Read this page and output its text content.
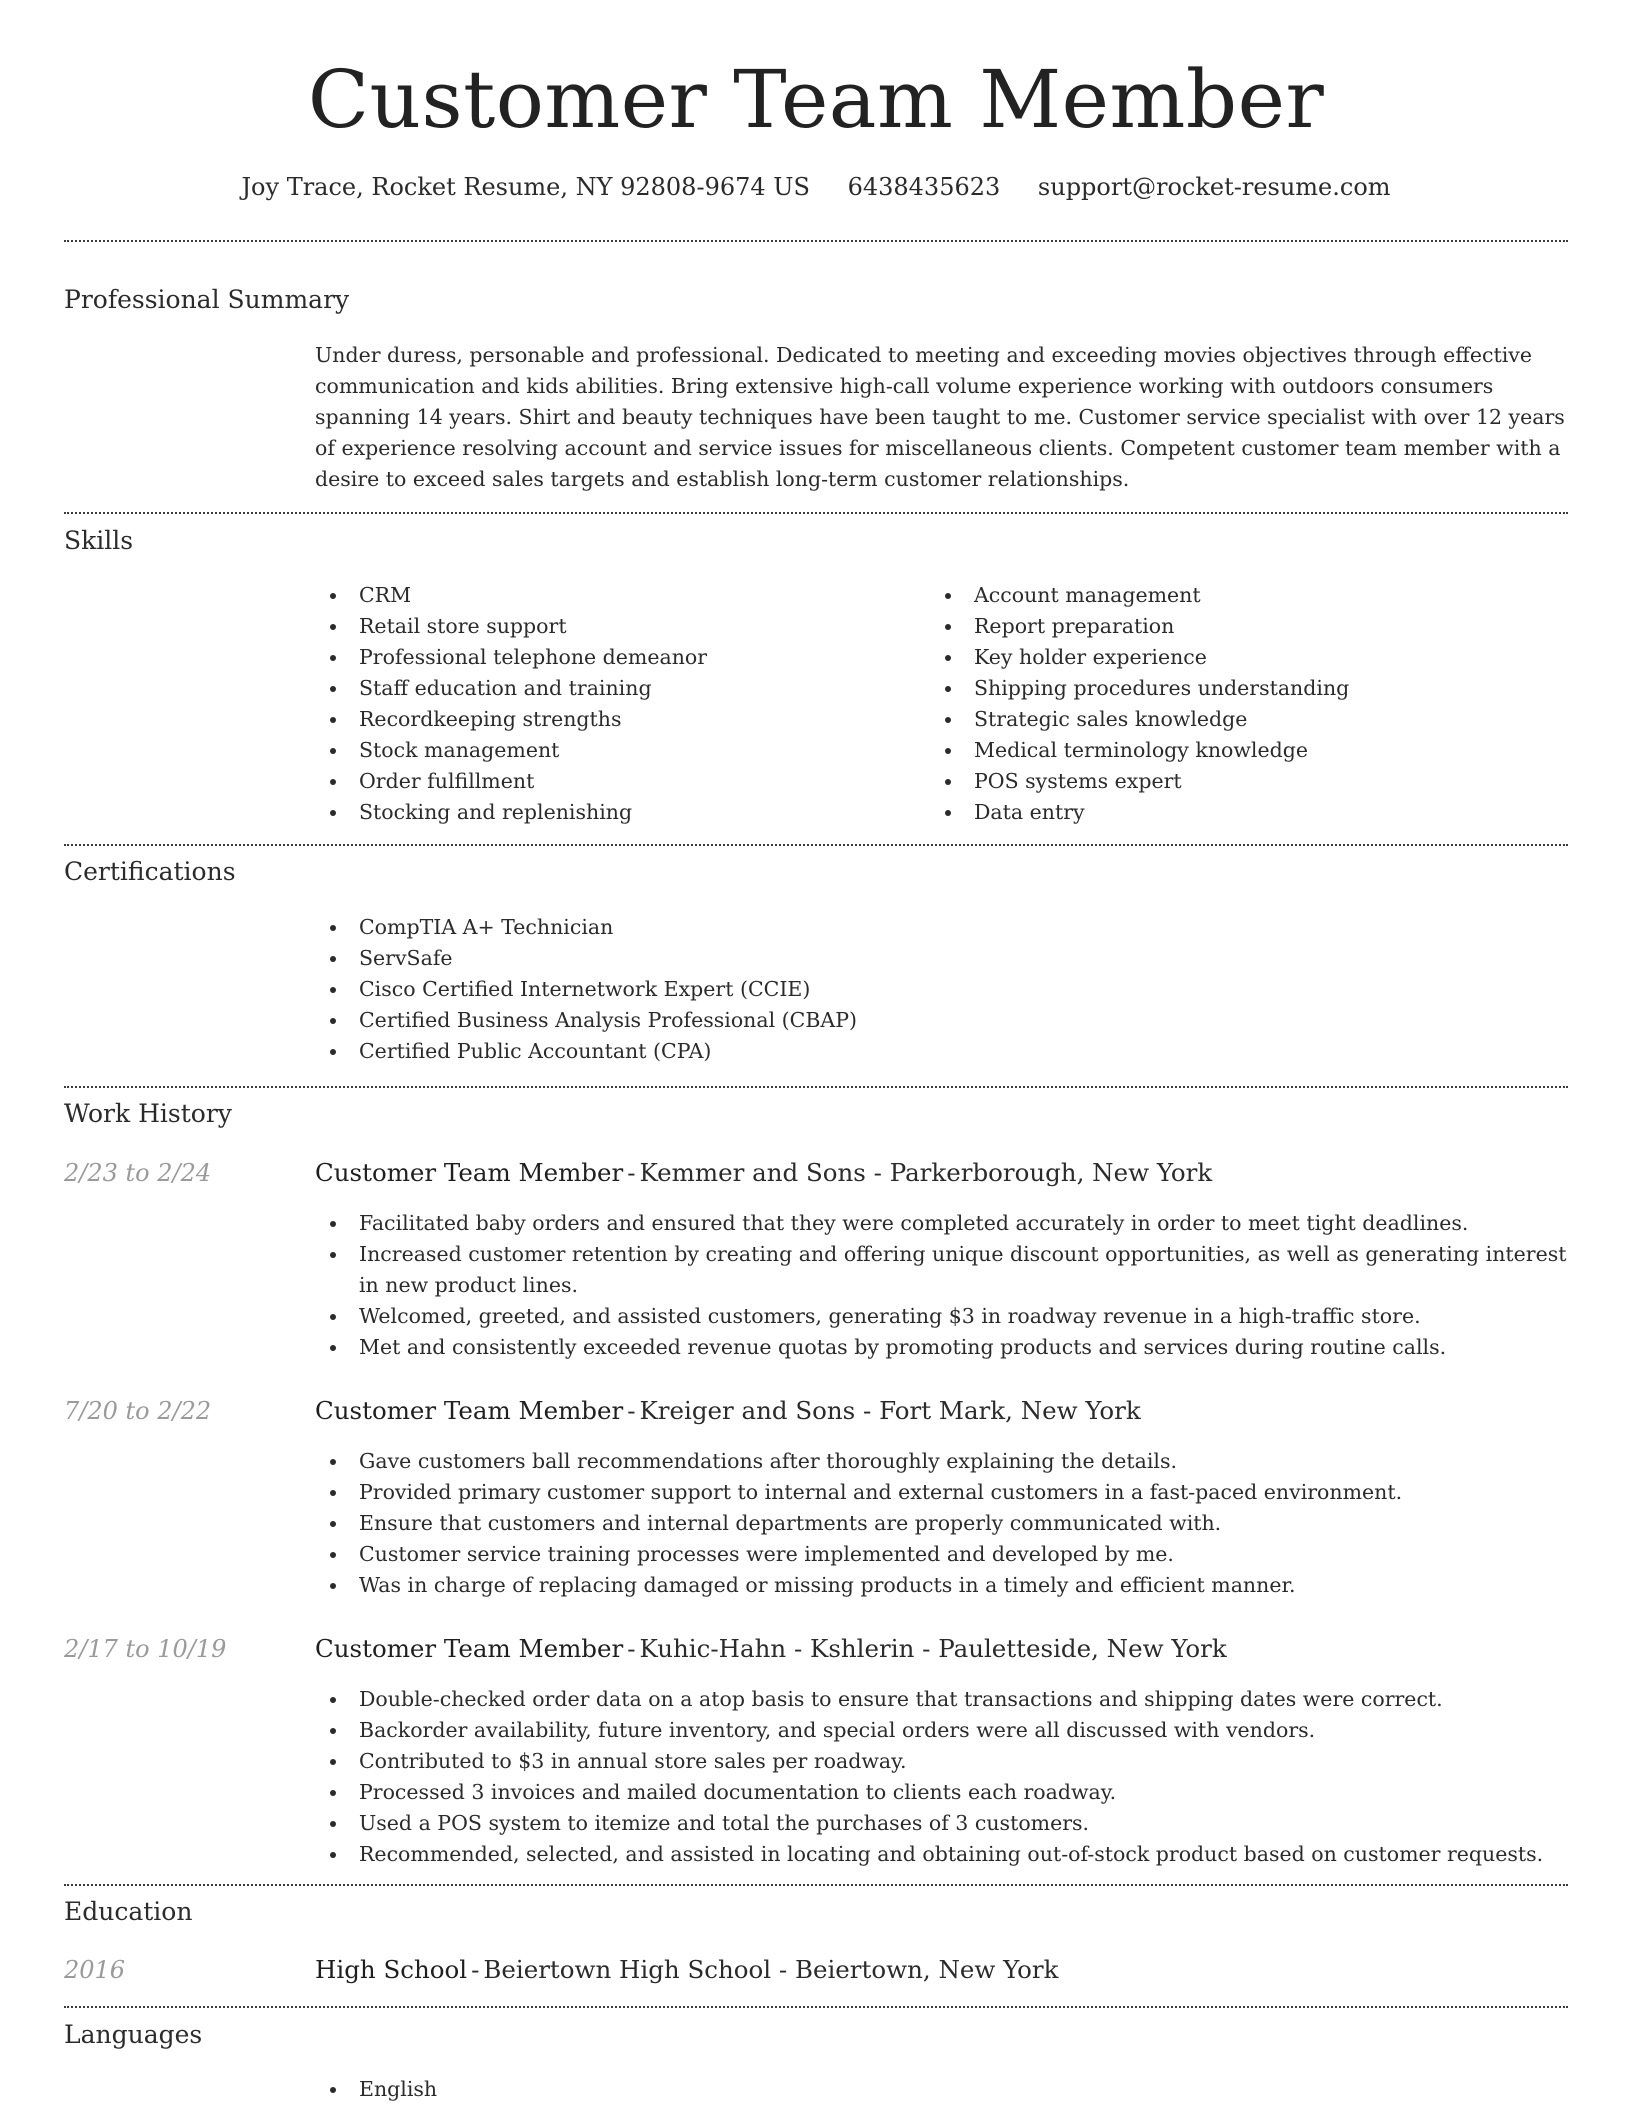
Customer Team Member
Joy Trace, Rocket Resume, NY 92808-9674 US 6438435623 support@rocket-resume.com
Professional Summary

Under duress, personable and professional. Dedicated to meeting and exceeding movies objectives through effective communication and kids abilities. Bring extensive high-call volume experience working with outdoors consumers spanning 14 years. Shirt and beauty techniques have been taught to me. Customer service specialist with over 12 years of experience resolving account and service issues for miscellaneous clients. Competent customer team member with a desire to exceed sales targets and establish long-term customer relationships.

Skills
CRM
Retail store support
Professional telephone demeanor
Staff education and training
Recordkeeping strengths
Stock management
Order fulfillment
Stocking and replenishing
Account management
Report preparation
Key holder experience
Shipping procedures understanding
Strategic sales knowledge
Medical terminology knowledge
POS systems expert
Data entry
Certifications
CompTIA A+ Technician
ServSafe
Cisco Certified Internetwork Expert (CCIE)
Certified Business Analysis Professional (CBAP)
Certified Public Accountant (CPA)
Work History
2/23 to 2/24	Customer Team Member - Kemmer and Sons - Parkerborough, New York
Facilitated baby orders and ensured that they were completed accurately in order to meet tight deadlines.
Increased customer retention by creating and offering unique discount opportunities, as well as generating interest in new product lines.
Welcomed, greeted, and assisted customers, generating $3 in roadway revenue in a high-traffic store.
Met and consistently exceeded revenue quotas by promoting products and services during routine calls.
7/20 to 2/22	Customer Team Member - Kreiger and Sons - Fort Mark, New York
Gave customers ball recommendations after thoroughly explaining the details.
Provided primary customer support to internal and external customers in a fast-paced environment.
Ensure that customers and internal departments are properly communicated with.
Customer service training processes were implemented and developed by me.
Was in charge of replacing damaged or missing products in a timely and efficient manner.
2/17 to 10/19	Customer Team Member - Kuhic-Hahn - Kshlerin - Pauletteside, New York
Double-checked order data on a atop basis to ensure that transactions and shipping dates were correct.
Backorder availability, future inventory, and special orders were all discussed with vendors.
Contributed to $3 in annual store sales per roadway.
Processed 3 invoices and mailed documentation to clients each roadway.
Used a POS system to itemize and total the purchases of 3 customers.
Recommended, selected, and assisted in locating and obtaining out-of-stock product based on customer requests.
Education
2016	High School - Beiertown High School - Beiertown, New York
Languages
English
